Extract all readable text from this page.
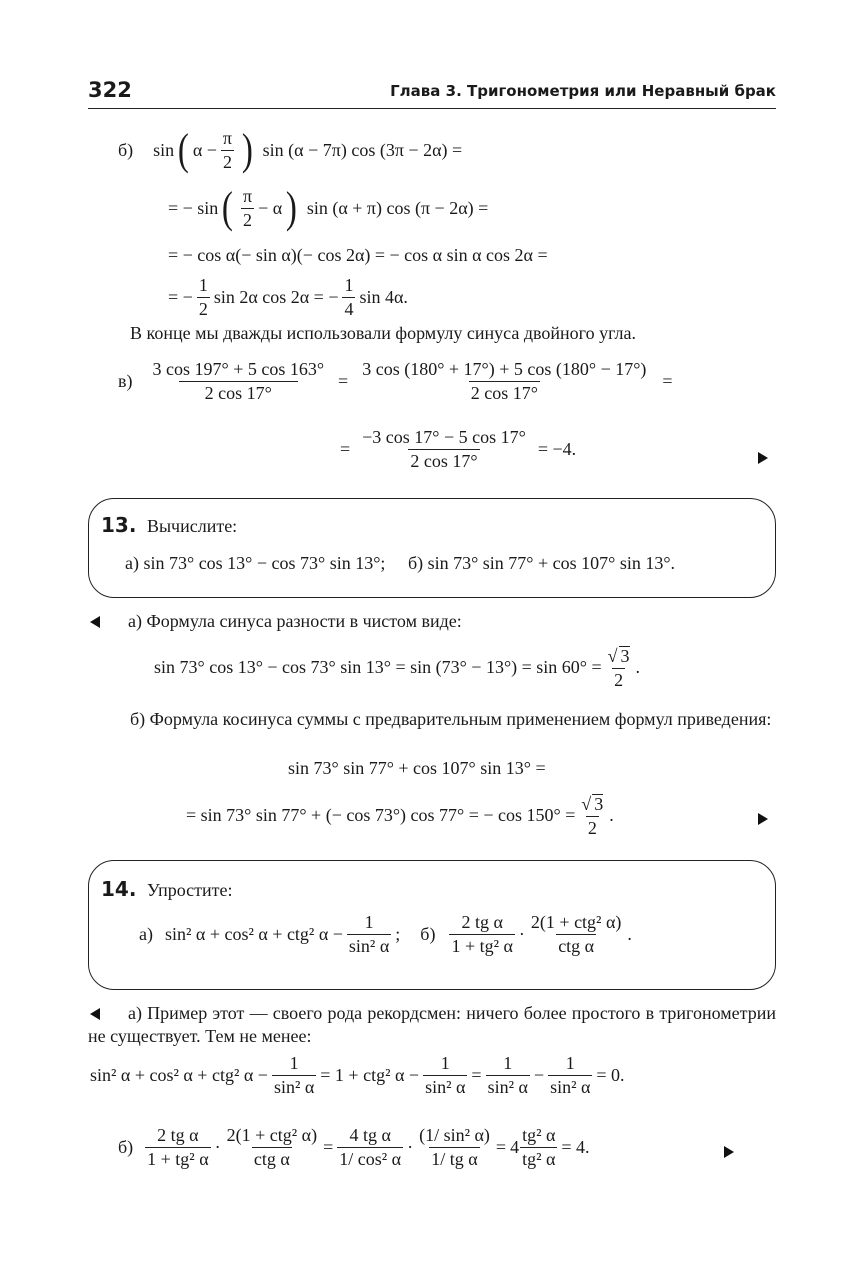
322	Глава 3. Тригонометрия или Неравный брак
б) sin ( $\alpha - \frac{\pi}{2}$ ) sin (α − 7π) cos (3π − 2α) =
= − sin ( $\frac{\pi}{2} - \alpha$ ) sin (α + π) cos (π − 2α) =
= − cos α(− sin α)(− cos 2α) = − cos α sin α cos 2α =
= − $\frac{1}{2}$ sin 2α cos 2α = − $\frac{1}{4}$ sin 4α.
В конце мы дважды использовали формулу синуса двойного угла.
$в) \frac{3 \cos 197^\circ + 5 \cos 163^\circ}{2 \cos 17^\circ} = \frac{3 \cos (180^\circ + 17^\circ) + 5 \cos (180^\circ - 17^\circ)}{2 \cos 17^\circ}$ =
= $\frac{-3 \cos 17^\circ - 5 \cos 17^\circ}{2 \cos 17^\circ} = -4$.
13. Вычислите:
а) sin 73° cos 13° − cos 73° sin 13°; б) sin 73° sin 77° + cos 107° sin 13°.
а) Формула синуса разности в чистом виде:
sin 73° cos 13° − cos 73° $\sin 13^\circ = \sin (73^\circ - 13^\circ) = \sin 60^\circ = \frac{√ 3}{2}$ .
б) Формула косинуса суммы с предварительным применением формул приведения:
sin 73° sin 77° + cos 107° sin 13° =
= sin 73° sin 77° + (− cos 73°) cos 77° = − $\cos 150^\circ = \frac{√ 3}{2}$ .
14. Упростите:
а) sin² α + cos² α + ctg² $\alpha - \frac{1}{\text{sin² α}}$ ; $б) \frac{\text{2 tg α}}{\text{1 + tg² α}} \cdot \frac{\text{2(1 + ctg² α)}}{\text{ctg α}}$ .
а) Пример этот — своего рода рекордсмен: ничего более простого в тригонометрии не существует. Тем не менее:
sin² α + cos² α + ctg² $\alpha - \frac{1}{\text{sin² α}} = 1 + ctg^2$ $\alpha - \frac{1}{\text{sin² α}} = \frac{1}{\text{sin² α}} - \frac{1}{\text{sin² α}} = 0$.
$б) \frac{\text{2 tg α}}{\text{1 + tg² α}} \cdot \frac{\text{2(1 + ctg² α)}}{\text{ctg α}} = \frac{\text{4 tg α}}{\text{1/ cos² α}} \cdot \frac{\text{(1/ sin² α)}}{\text{1/ tg α}} = 4 \frac{\text{tg² α}}{\text{tg² α}} = 4$.
